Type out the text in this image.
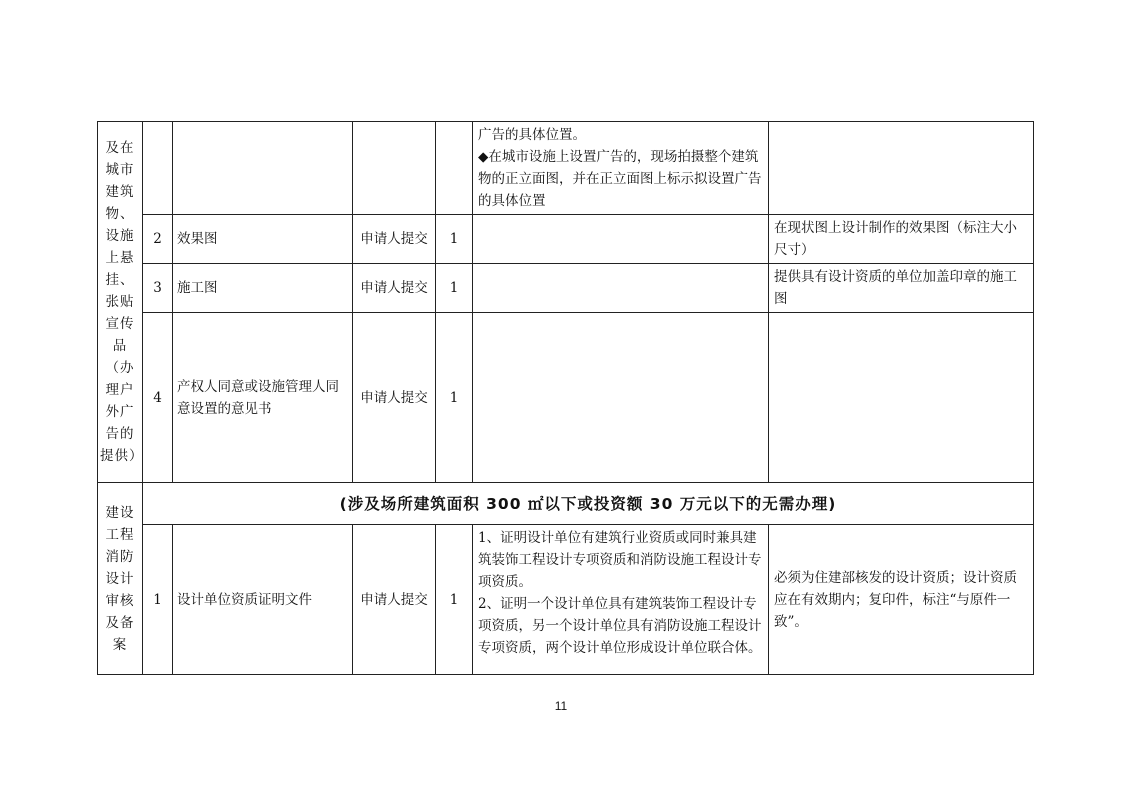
及在城市建筑物、设施上悬挂、张贴宣传品（办理户外广告的提供）					广告的具体位置。
◆在城市设施上设置广告的，现场拍摄整个建筑物的正立面图，并在正立面图上标示拟设置广告的具体位置	

	2	效果图	申请人提交	1		在现状图上设计制作的效果图（标注大小尺寸）
	3	施工图	申请人提交	1		提供具有设计资质的单位加盖印章的施工图
	4	产权人同意或设施管理人同意设置的意见书	申请人提交	1		

建设工程消防设计审核及备案	(涉及场所建筑面积 300 ㎡以下或投资额 30 万元以下的无需办理)					
	1	设计单位资质证明文件	申请人提交	1	1、证明设计单位有建筑行业资质或同时兼具建筑装饰工程设计专项资质和消防设施工程设计专项资质。
2、证明一个设计单位具有建筑装饰工程设计专项资质，另一个设计单位具有消防设施工程设计专项资质，两个设计单位形成设计单位联合体。	必须为住建部核发的设计资质；设计资质应在有效期内；复印件，标注“与原件一致”。
11
